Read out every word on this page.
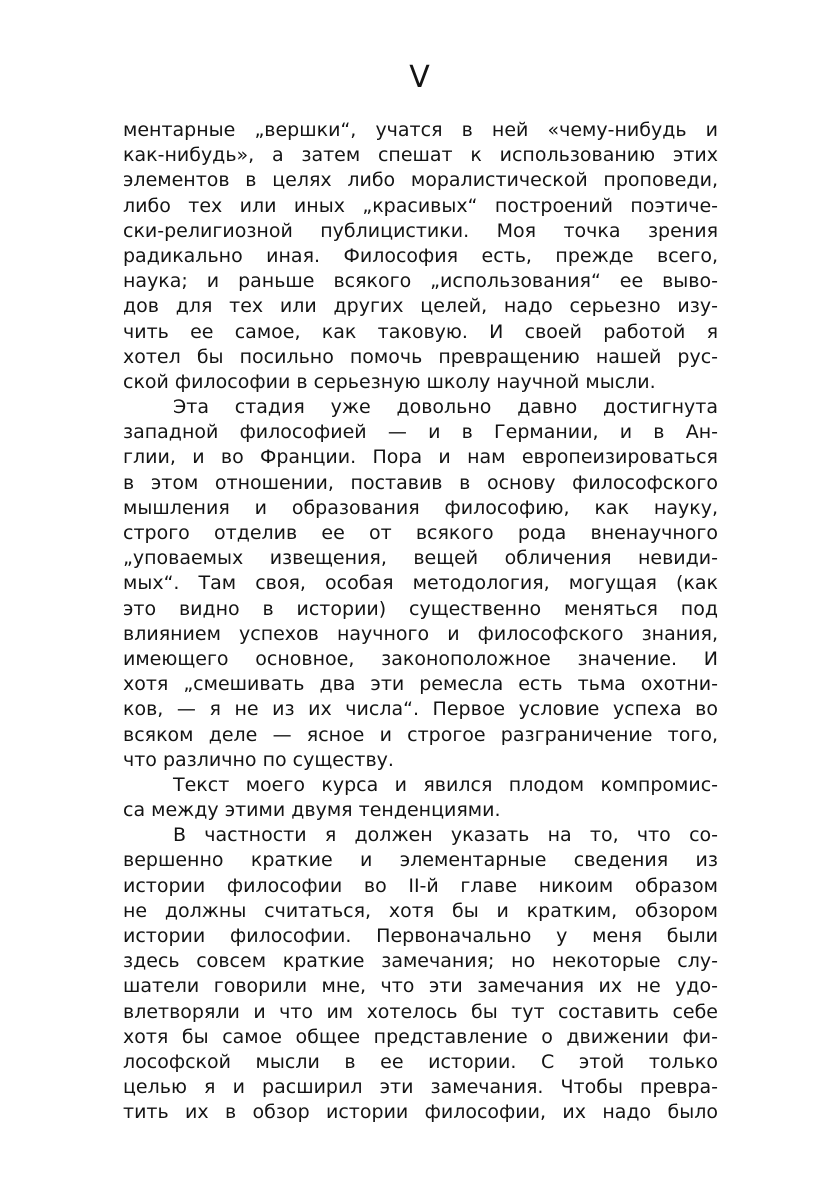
V
ментарные „вершки“, учатся в ней «чему-нибудь и
как-нибудь», а затем спешат к использованию этих
элементов в целях либо моралистической проповеди,
либо тех или иных „красивых“ построений поэтиче-
ски-религиозной публицистики. Моя точка зрения
радикально иная. Философия есть, прежде всего,
наука; и раньше всякого „использования“ ее выво-
дов для тех или других целей, надо серьезно изу-
чить ее самое, как таковую. И своей работой я
хотел бы посильно помочь превращению нашей рус-
ской философии в серьезную школу научной мысли.
Эта стадия уже довольно давно достигнута
западной философией — и в Германии, и в Ан-
глии, и во Франции. Пора и нам европеизироваться
в этом отношении, поставив в основу философского
мышления и образования философию, как науку,
строго отделив ее от всякого рода вненаучного
„уповаемых извещения, вещей обличения невиди-
мых“. Там своя, особая методология, могущая (как
это видно в истории) существенно меняться под
влиянием успехов научного и философского знания,
имеющего основное, законоположное значение. И
хотя „смешивать два эти ремесла есть тьма охотни-
ков, — я не из их числа“. Первое условие успеха во
всяком деле — ясное и строгое разграничение того,
что различно по существу.
Текст моего курса и явился плодом компромис-
са между этими двумя тенденциями.
В частности я должен указать на то, что со-
вершенно краткие и элементарные сведения из
истории философии во II-й главе никоим образом
не должны считаться, хотя бы и кратким, обзором
истории философии. Первоначально у меня были
здесь совсем краткие замечания; но некоторые слу-
шатели говорили мне, что эти замечания их не удо-
влетворяли и что им хотелось бы тут составить себе
хотя бы самое общее представление о движении фи-
лософской мысли в ее истории. С этой только
целью я и расширил эти замечания. Чтобы превра-
тить их в обзор истории философии, их надо было
